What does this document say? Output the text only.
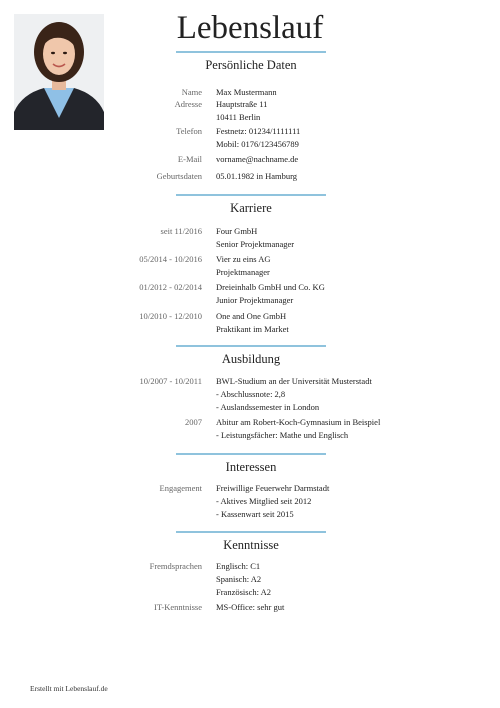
Lebenslauf
Persönliche Daten
Name Max Mustermann
Adresse Hauptstraße 11
10411 Berlin
Telefon Festnetz: 01234/1111111
Mobil: 0176/123456789
E-Mail vorname@nachname.de
Geburtsdaten 05.01.1982 in Hamburg
Karriere
seit 11/2016 Four GmbH
Senior Projektmanager
05/2014 - 10/2016 Vier zu eins AG
Projektmanager
01/2012 - 02/2014 Dreieinhalb GmbH und Co. KG
Junior Projektmanager
10/2010 - 12/2010 One and One GmbH
Praktikant im Market
Ausbildung
10/2007 - 10/2011 BWL-Studium an der Universität Musterstadt
- Abschlussnote: 2,8
- Auslandssemester in London
2007 Abitur am Robert-Koch-Gymnasium in Beispiel
- Leistungsfächer: Mathe und Englisch
Interessen
Engagement Freiwillige Feuerwehr Darmstadt
- Aktives Mitglied seit 2012
- Kassenwart seit 2015
Kenntnisse
Fremdsprachen Englisch: C1
Spanisch: A2
Französisch: A2
IT-Kenntnisse MS-Office: sehr gut
Erstellt mit Lebenslauf.de
